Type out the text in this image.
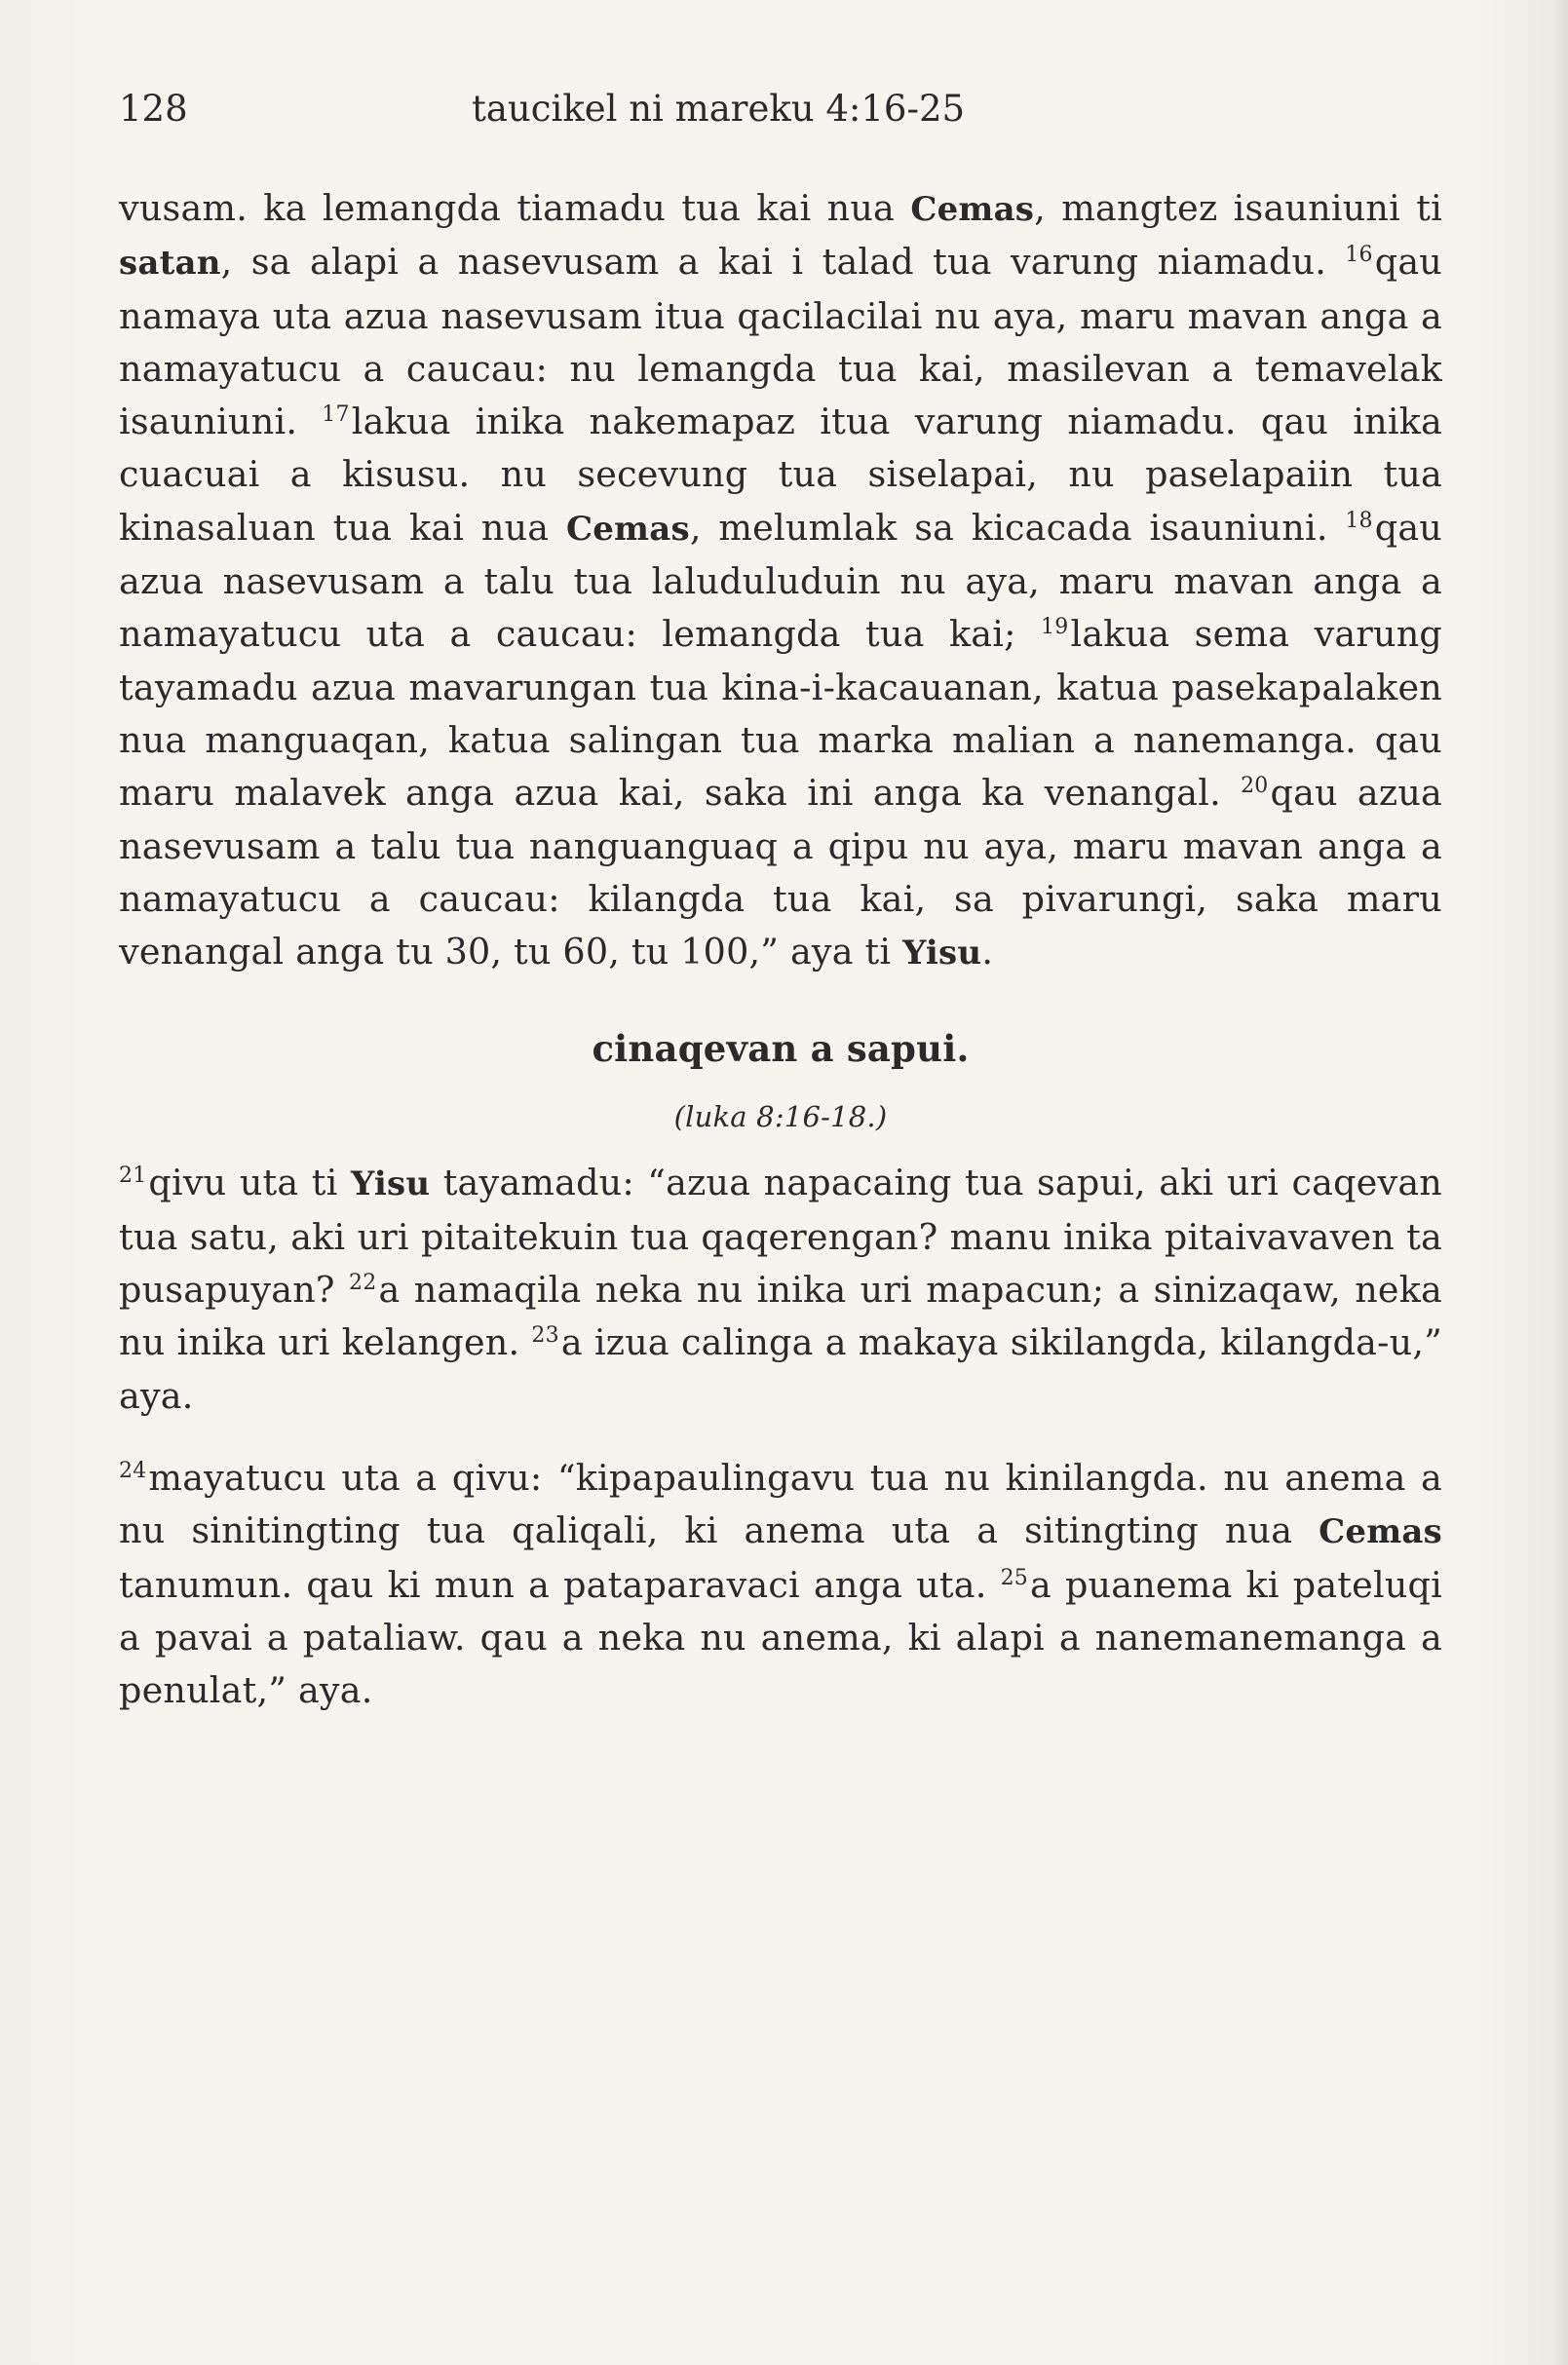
128	taucikel ni mareku 4:16-25

vusam. ka lemangda tiamadu tua kai nua Cemas, mangtez isauniuni ti satan, sa alapi a nasevusam a kai i talad tua varung niamadu. $^{16}$qau namaya uta azua nasevusam itua qacilacilai nu aya, maru mavan anga a namayatucu a caucau: nu lemangda tua kai, masilevan a temavelak isauniuni. $^{17}$lakua inika nakemapaz itua varung niamadu. qau inika cuacuai a kisusu. nu secevung tua siselapai, nu paselapaiin tua kinasaluan tua kai nua Cemas, melumlak sa kicacada isauniuni. $^{18}$qau azua nasevusam a talu tua laluduluduin nu aya, maru mavan anga a namayatucu uta a caucau: lemangda tua kai; $^{19}$lakua sema varung tayamadu azua mavarungan tua kina-i-kacauanan, katua pasekapalaken nua manguaqan, katua salingan tua marka malian a nanemanga. qau maru malavek anga azua kai, saka ini anga ka venangal. $^{20}$qau azua nasevusam a talu tua nanguanguaq a qipu nu aya, maru mavan anga a namayatucu a caucau: kilangda tua kai, sa pivarungi, saka maru venangal anga tu 30, tu 60, tu 100,” aya ti Yisu.

cinaqevan a sapui.
(luka 8:16-18.)

$^{21}$qivu uta ti Yisu tayamadu: “azua napacaing tua sapui, aki uri caqevan tua satu, aki uri pitaitekuin tua qaqerengan? manu inika pitaivavaven ta pusapuyan? $^{22}$a namaqila neka nu inika uri mapacun; a sinizaqaw, neka nu inika uri kelangen. $^{23}$a izua calinga a makaya sikilangda, kilangda-u,” aya.

$^{24}$mayatucu uta a qivu: “kipapaulingavu tua nu kinilangda. nu anema a nu sinitingting tua qaliqali, ki anema uta a sitingting nua Cemas tanumun. qau ki mun a pataparavaci anga uta. $^{25}$a puanema ki pateluqi a pavai a pataliaw. qau a neka nu anema, ki alapi a nanemanemanga a penulat,” aya.
